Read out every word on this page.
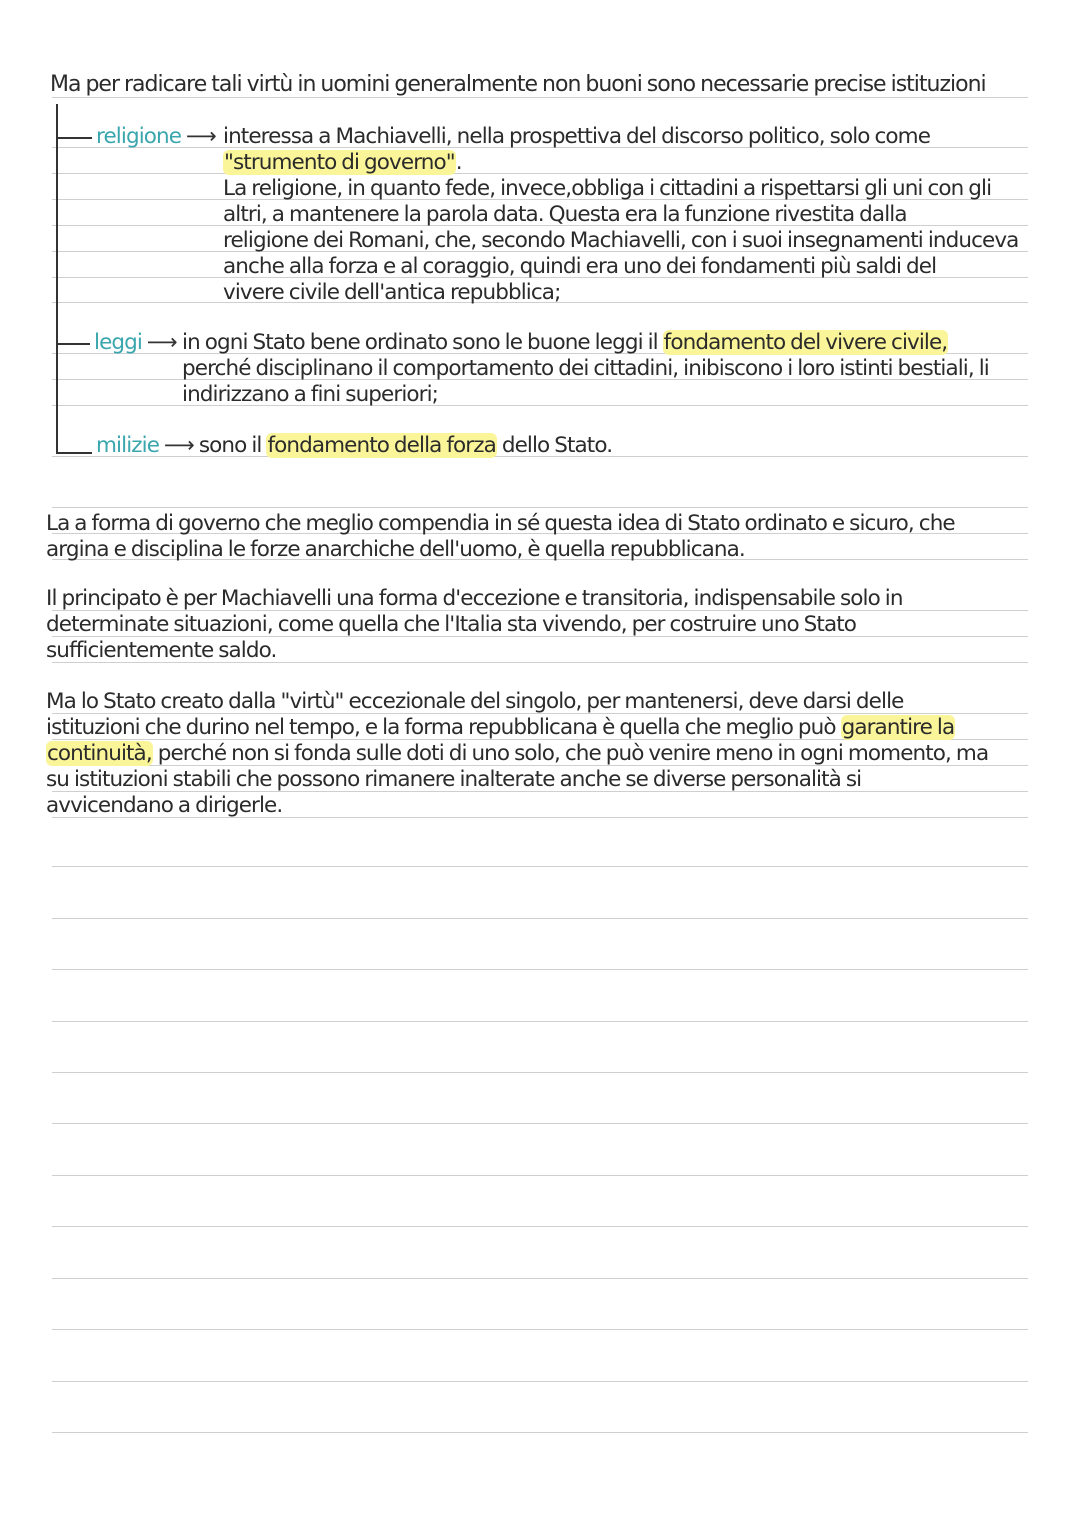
Ma per radicare tali virtù in uomini generalmente non buoni sono necessarie precise istituzioni
religione ⟶ interessa a Machiavelli, nella prospettiva del discorso politico, solo come
"strumento di governo".
La religione, in quanto fede, invece,obbliga i cittadini a rispettarsi gli uni con gli
altri, a mantenere la parola data. Questa era la funzione rivestita dalla
religione dei Romani, che, secondo Machiavelli, con i suoi insegnamenti induceva
anche alla forza e al coraggio, quindi era uno dei fondamenti più saldi del
vivere civile dell'antica repubblica;
leggi ⟶ in ogni Stato bene ordinato sono le buone leggi il fondamento del vivere civile,
perché disciplinano il comportamento dei cittadini, inibiscono i loro istinti bestiali, li
indirizzano a fini superiori;
milizie ⟶ sono il fondamento della forza dello Stato.
La a forma di governo che meglio compendia in sé questa idea di Stato ordinato e sicuro, che
argina e disciplina le forze anarchiche dell'uomo, è quella repubblicana.
Il principato è per Machiavelli una forma d'eccezione e transitoria, indispensabile solo in
determinate situazioni, come quella che l'Italia sta vivendo, per costruire uno Stato
sufficientemente saldo.
Ma lo Stato creato dalla "virtù" eccezionale del singolo, per mantenersi, deve darsi delle
istituzioni che durino nel tempo, e la forma repubblicana è quella che meglio può garantire la
continuità, perché non si fonda sulle doti di uno solo, che può venire meno in ogni momento, ma
su istituzioni stabili che possono rimanere inalterate anche se diverse personalità si
avvicendano a dirigerle.
